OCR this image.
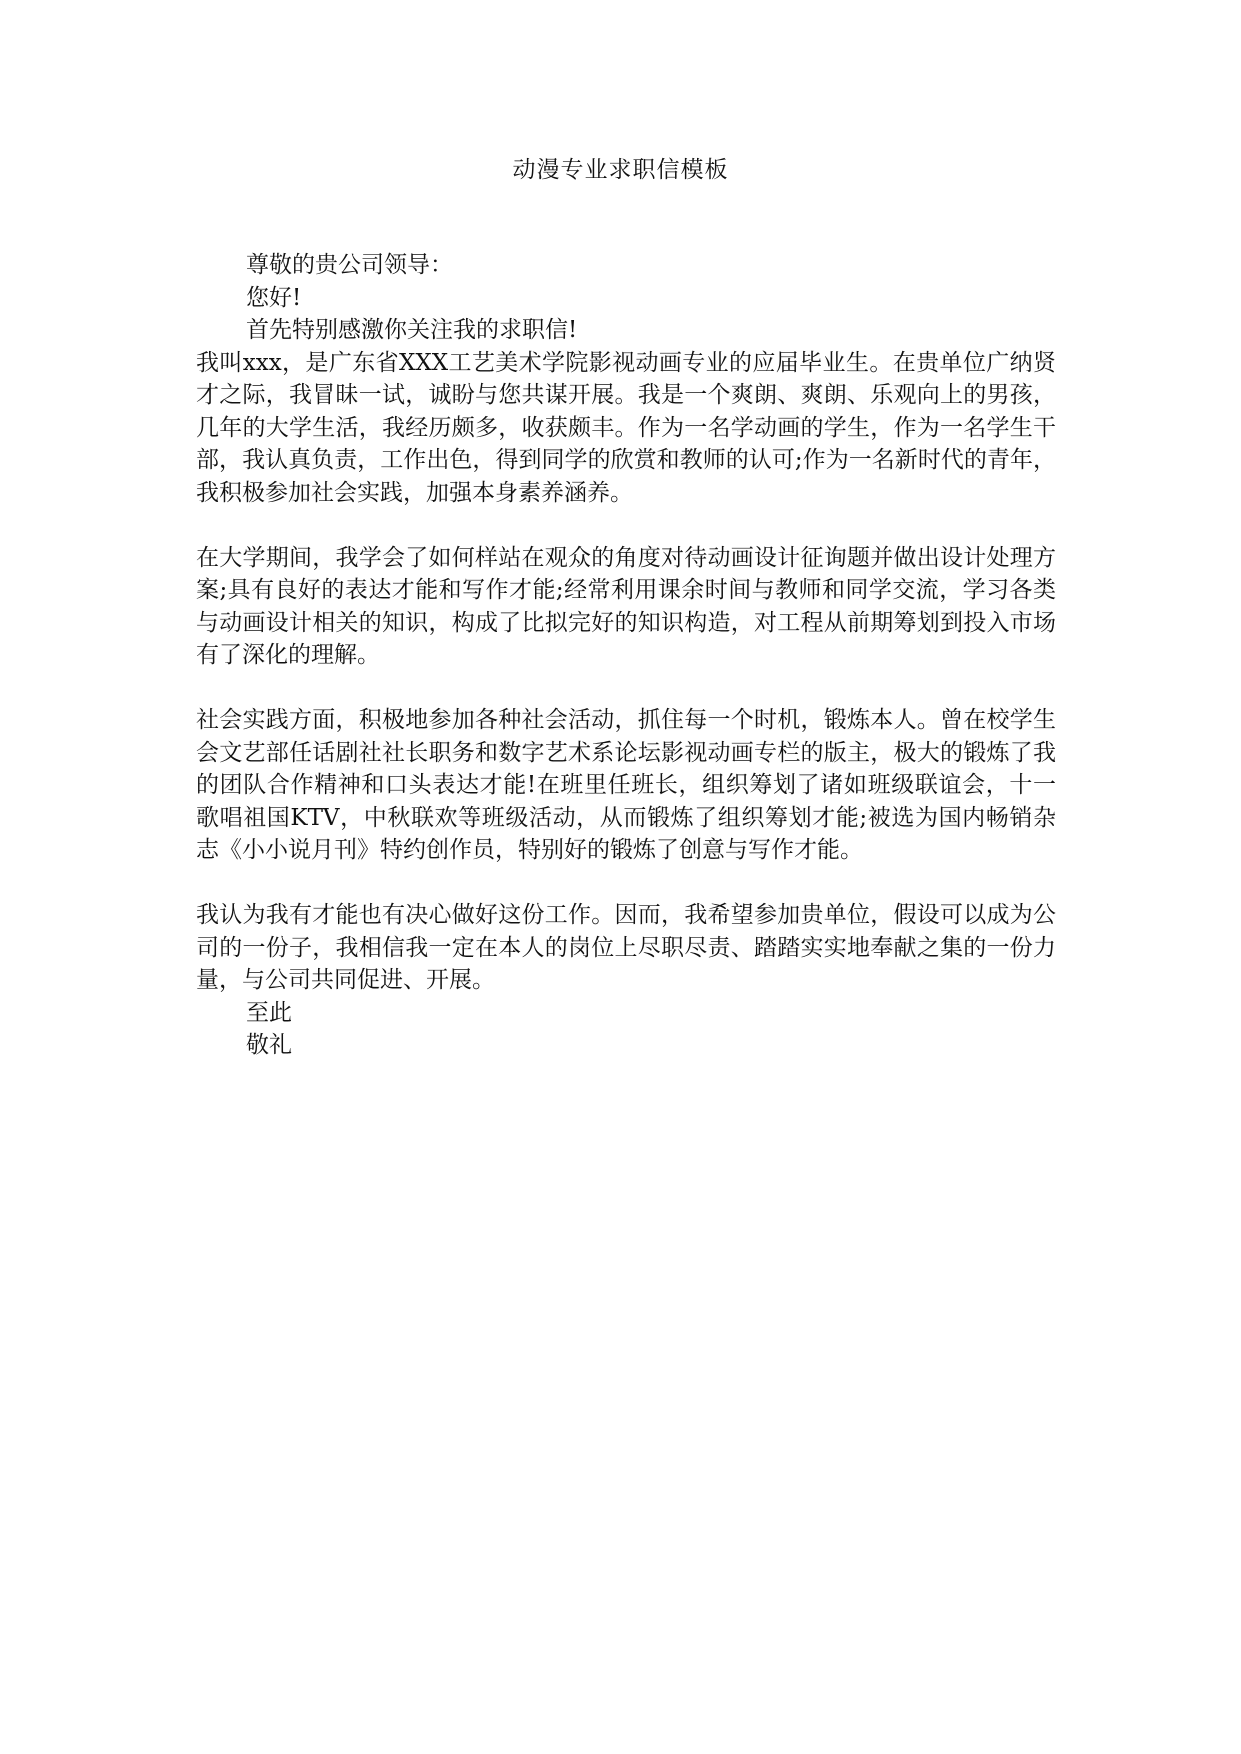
动漫专业求职信模板
尊敬的贵公司领导：
您好!
首先特别感激你关注我的求职信!

我叫xxx，是广东省XXX工艺美术学院影视动画专业的应届毕业生。在贵单位广纳贤才之际，我冒昧一试，诚盼与您共谋开展。我是一个爽朗、爽朗、乐观向上的男孩，几年的大学生活，我经历颇多，收获颇丰。作为一名学动画的学生，作为一名学生干部，我认真负责，工作出色，得到同学的欣赏和教师的认可;作为一名新时代的青年，我积极参加社会实践，加强本身素养涵养。

在大学期间，我学会了如何样站在观众的角度对待动画设计征询题并做出设计处理方案;具有良好的表达才能和写作才能;经常利用课余时间与教师和同学交流，学习各类与动画设计相关的知识，构成了比拟完好的知识构造，对工程从前期筹划到投入市场有了深化的理解。

社会实践方面，积极地参加各种社会活动，抓住每一个时机，锻炼本人。曾在校学生会文艺部任话剧社社长职务和数字艺术系论坛影视动画专栏的版主，极大的锻炼了我的团队合作精神和口头表达才能!在班里任班长，组织筹划了诸如班级联谊会，十一歌唱祖国KTV，中秋联欢等班级活动，从而锻炼了组织筹划才能;被选为国内畅销杂志《小小说月刊》特约创作员，特别好的锻炼了创意与写作才能。

我认为我有才能也有决心做好这份工作。因而，我希望参加贵单位，假设可以成为公司的一份子，我相信我一定在本人的岗位上尽职尽责、踏踏实实地奉献之集的一份力量，与公司共同促进、开展。

至此
敬礼
